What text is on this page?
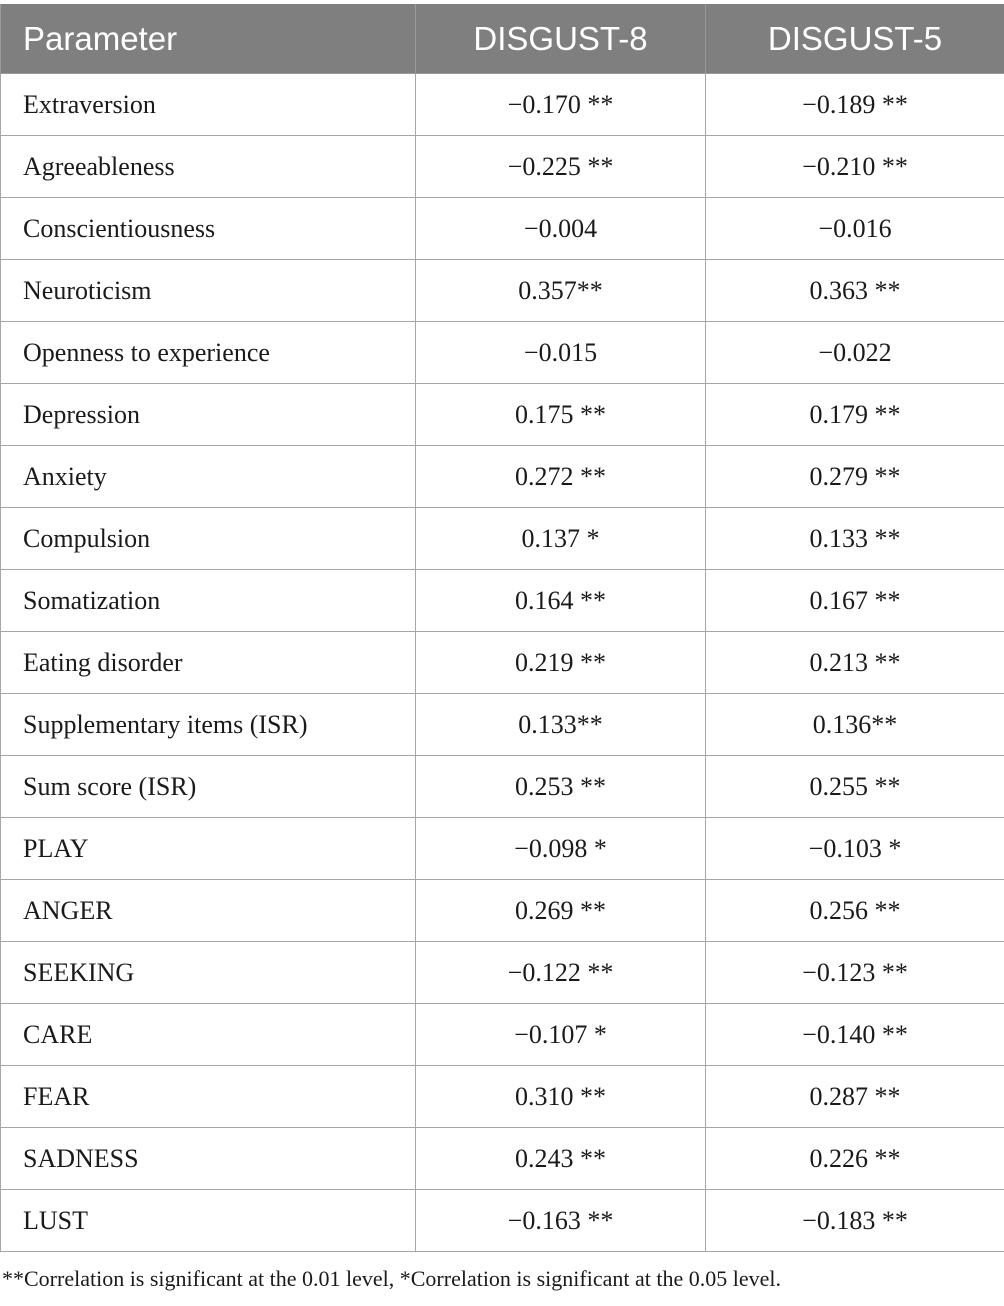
Parameter	DISGUST-8	DISGUST-5
Extraversion	−0.170 **	−0.189 **
Agreeableness	−0.225 **	−0.210 **
Conscientiousness	−0.004	−0.016
Neuroticism	0.357**	0.363 **
Openness to experience	−0.015	−0.022
Depression	0.175 **	0.179 **
Anxiety	0.272 **	0.279 **
Compulsion	0.137 *	0.133 **
Somatization	0.164 **	0.167 **
Eating disorder	0.219 **	0.213 **
Supplementary items (ISR)	0.133**	0.136**
Sum score (ISR)	0.253 **	0.255 **
PLAY	−0.098 *	−0.103 *
ANGER	0.269 **	0.256 **
SEEKING	−0.122 **	−0.123 **
CARE	−0.107 *	−0.140 **
FEAR	0.310 **	0.287 **
SADNESS	0.243 **	0.226 **
LUST	−0.163 **	−0.183 **
**Correlation is significant at the 0.01 level, *Correlation is significant at the 0.05 level.
